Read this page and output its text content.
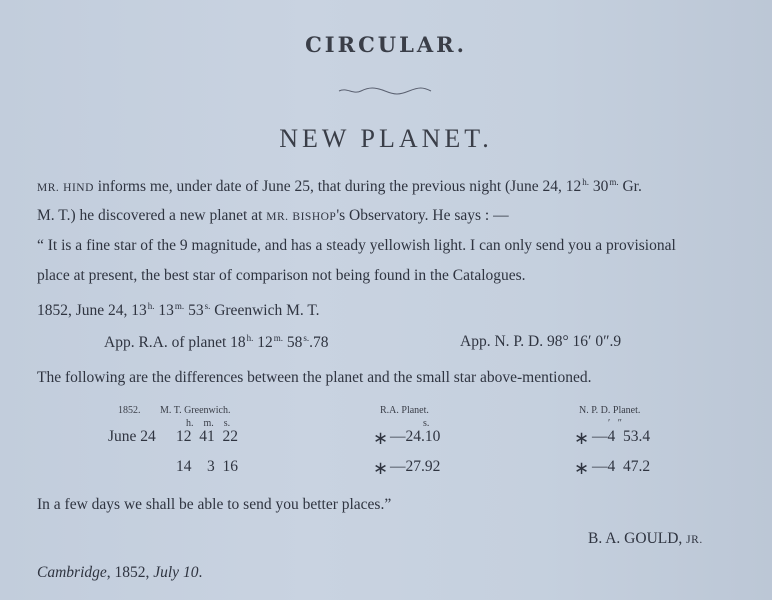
CIRCULAR.
NEW PLANET.
MR. HIND informs me, under date of June 25, that during the previous night (June 24, $12^{h.}$ $30^{m.}$ Gr.
M. T.) he discovered a new planet at MR. BISHOP's Observatory. He says : —
“ It is a fine star of the 9 magnitude, and has a steady yellowish light. I can only send you a provisional
place at present, the best star of comparison not being found in the Catalogues.
1852, June 24, $13^{h.}$ $13^{m.}$ $53^{s.}$ Greenwich M. T.
App. R.A. of planet $18^{h.}$ $12^{m.}$ $58^{s.}.78$	App. N. P. D. 98° 16′ 0″.9
The following are the differences between the planet and the small star above-mentioned.
1852. M. T. Greenwich.	R.A. Planet.	N. P. D. Planet.
h.    m.    s.	s.	′   ″
June 24 12  41  22	∗ —24.10	∗ —4  53.4
14    3  16	∗ —27.92	∗ —4  47.2
In a few days we shall be able to send you better places.”
B. A. GOULD, JR.
Cambridge, 1852, July 10.
